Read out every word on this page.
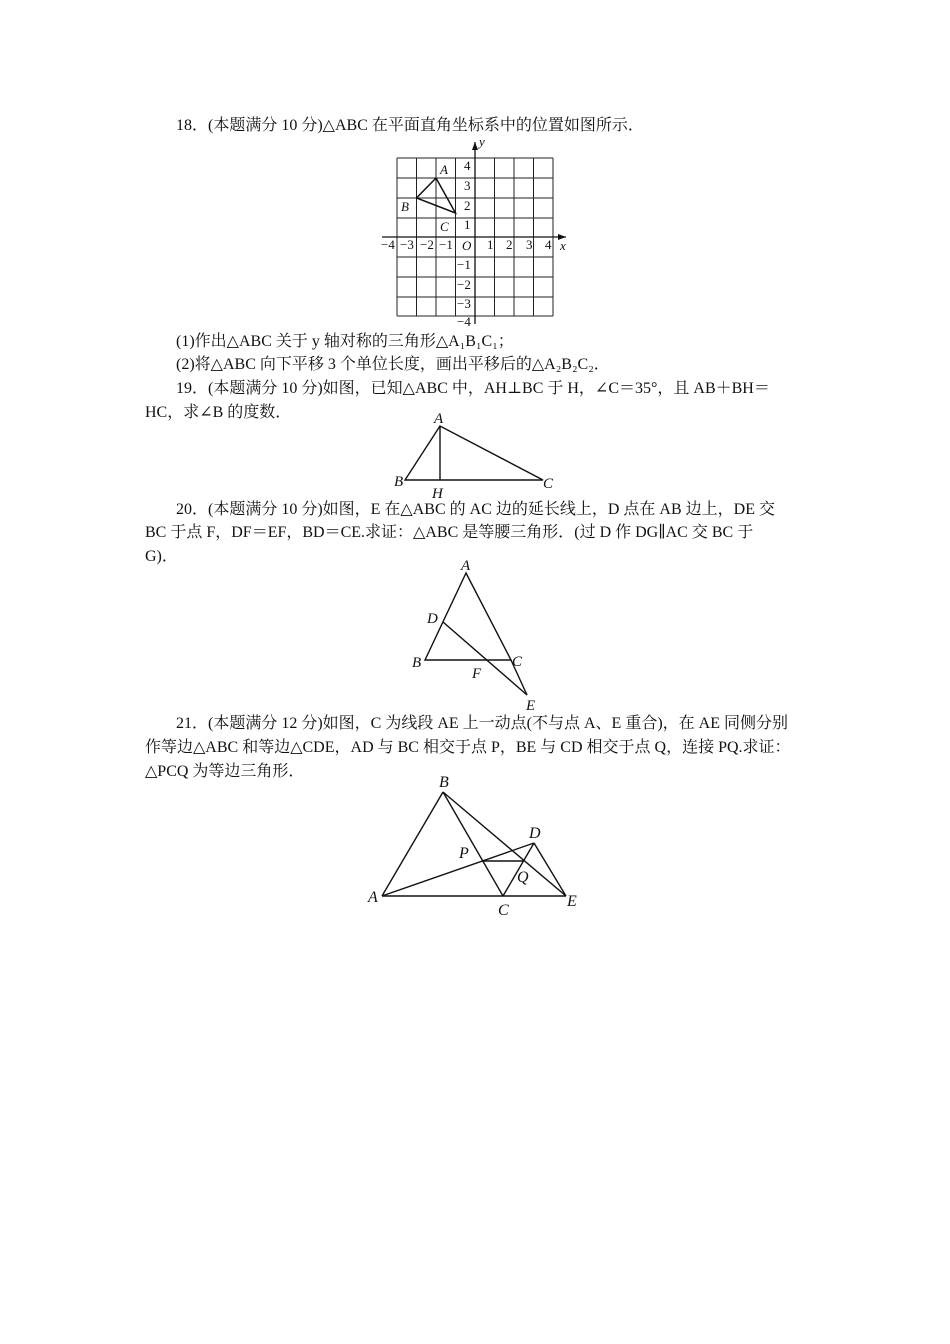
18．(本题满分 10 分)△ABC 在平面直角坐标系中的位置如图所示．
y
x
O
−4 −3 −2 −1	1 2 3 4
4
3
2
1
−1
−2
−3
−4
A
B
C
(1)作出△ABC 关于 y 轴对称的三角形△A₁B₁C₁；
(2)将△ABC 向下平移 3 个单位长度，画出平移后的△A₂B₂C₂．
19．(本题满分 10 分)如图，已知△ABC 中，AH⊥BC 于 H，∠C＝35°，且 AB＋BH＝
HC，求∠B 的度数．	A
B	C
H
20．(本题满分 10 分)如图，E 在△ABC 的 AC 边的延长线上，D 点在 AB 边上，DE 交
BC 于点 F，DF＝EF，BD＝CE.求证：△ABC 是等腰三角形．(过 D 作 DG∥AC 交 BC 于
G)．
A
D
B	C
F
E
21．(本题满分 12 分)如图，C 为线段 AE 上一动点(不与点 A、E 重合)，在 AE 同侧分别
作等边△ABC 和等边△CDE，AD 与 BC 相交于点 P，BE 与 CD 相交于点 Q，连接 PQ.求证：
△PCQ 为等边三角形．
B
D
P
Q
A
C
E
